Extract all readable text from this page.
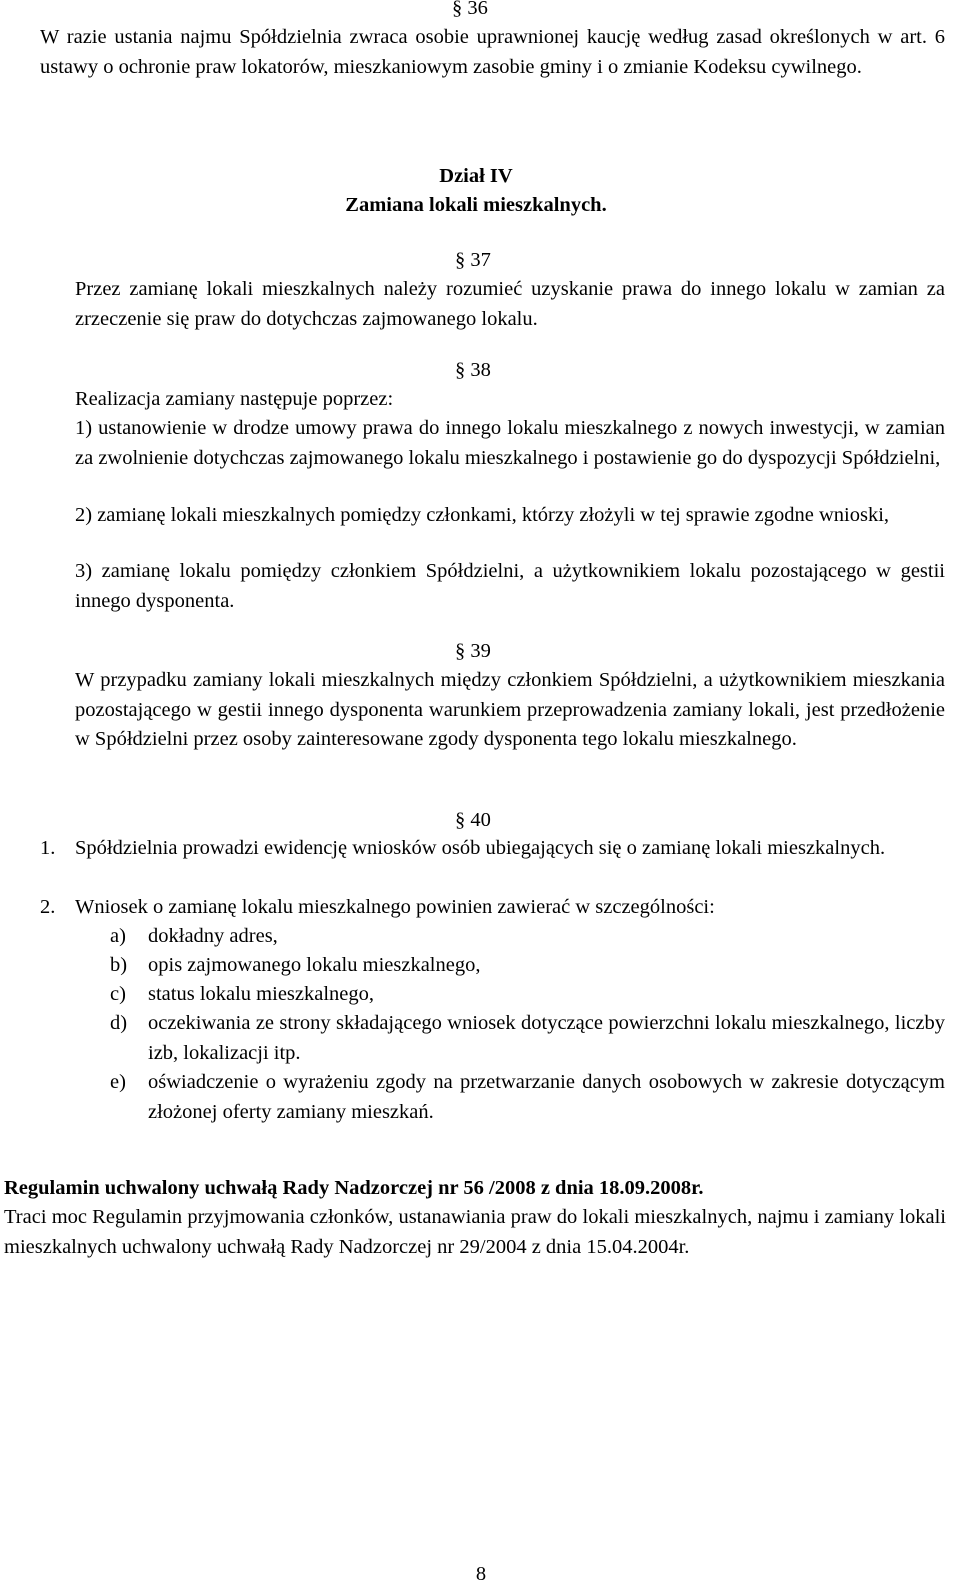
§ 36
W razie ustania najmu Spółdzielnia zwraca osobie uprawnionej kaucję według zasad określonych w art. 6 ustawy o ochronie praw lokatorów, mieszkaniowym zasobie gminy i o zmianie Kodeksu cywilnego.
Dział IV
Zamiana lokali mieszkalnych.
§ 37
Przez zamianę lokali mieszkalnych należy rozumieć uzyskanie prawa do innego lokalu w zamian za zrzeczenie się praw do dotychczas zajmowanego lokalu.
§ 38
Realizacja zamiany następuje poprzez:
1) ustanowienie w drodze umowy prawa do innego lokalu mieszkalnego z nowych inwestycji, w zamian za zwolnienie dotychczas zajmowanego lokalu mieszkalnego i postawienie go do dyspozycji Spółdzielni,
2) zamianę lokali mieszkalnych pomiędzy członkami, którzy złożyli w tej sprawie zgodne wnioski,
3) zamianę lokalu pomiędzy członkiem Spółdzielni, a użytkownikiem lokalu pozostającego w gestii innego dysponenta.
§ 39
W przypadku zamiany lokali mieszkalnych między członkiem Spółdzielni, a użytkownikiem mieszkania pozostającego w gestii innego dysponenta warunkiem przeprowadzenia zamiany lokali, jest przedłożenie w Spółdzielni przez osoby zainteresowane zgody dysponenta tego lokalu mieszkalnego.
§ 40
1. Spółdzielnia prowadzi ewidencję wniosków osób ubiegających się o zamianę lokali mieszkalnych.
2. Wniosek o zamianę lokalu mieszkalnego powinien zawierać w szczególności:
a) dokładny adres,
b) opis zajmowanego lokalu mieszkalnego,
c) status lokalu mieszkalnego,
d) oczekiwania ze strony składającego wniosek dotyczące powierzchni lokalu mieszkalnego, liczby izb, lokalizacji itp.
e) oświadczenie o wyrażeniu zgody na przetwarzanie danych osobowych w zakresie dotyczącym złożonej oferty zamiany mieszkań.
Regulamin uchwalony uchwałą Rady Nadzorczej nr 56 /2008 z dnia 18.09.2008r.
Traci moc Regulamin przyjmowania członków, ustanawiania praw do lokali mieszkalnych, najmu i zamiany lokali mieszkalnych uchwalony uchwałą Rady Nadzorczej nr 29/2004 z dnia 15.04.2004r.
8
